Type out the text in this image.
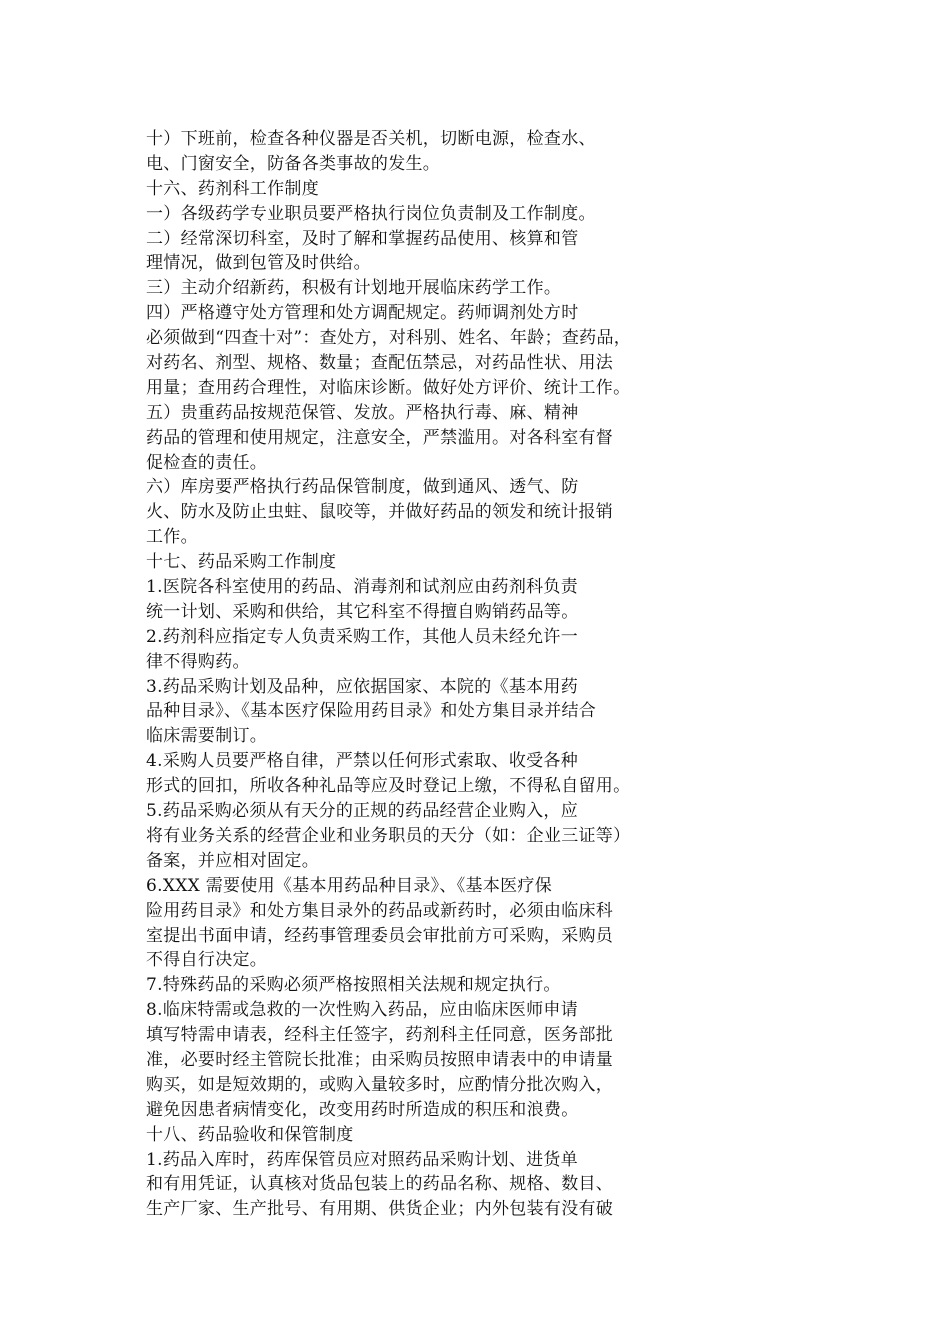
十）下班前，检查各种仪器是否关机，切断电源，检查水、
电、门窗安全，防备各类事故的发生。
十六、药剂科工作制度
一）各级药学专业职员要严格执行岗位负责制及工作制度。
二）经常深切科室，及时了解和掌握药品使用、核算和管
理情况，做到包管及时供给。
三）主动介绍新药，积极有计划地开展临床药学工作。
四）严格遵守处方管理和处方调配规定。药师调剂处方时
必须做到“四查十对”：查处方，对科别、姓名、年龄；查药品，
对药名、剂型、规格、数量；查配伍禁忌，对药品性状、用法
用量；查用药合理性，对临床诊断。做好处方评价、统计工作。
五）贵重药品按规范保管、发放。严格执行毒、麻、精神
药品的管理和使用规定，注意安全，严禁滥用。对各科室有督
促检查的责任。
六）库房要严格执行药品保管制度，做到通风、透气、防
火、防水及防止虫蛀、鼠咬等，并做好药品的领发和统计报销
工作。
十七、药品采购工作制度
1.医院各科室使用的药品、消毒剂和试剂应由药剂科负责
统一计划、采购和供给，其它科室不得擅自购销药品等。
2.药剂科应指定专人负责采购工作，其他人员未经允许一
律不得购药。
3.药品采购计划及品种，应依据国家、本院的《基本用药
品种目录》、《基本医疗保险用药目录》和处方集目录并结合
临床需要制订。
4.采购人员要严格自律，严禁以任何形式索取、收受各种
形式的回扣，所收各种礼品等应及时登记上缴，不得私自留用。
5.药品采购必须从有天分的正规的药品经营企业购入，应
将有业务关系的经营企业和业务职员的天分（如：企业三证等）
备案，并应相对固定。
6.XXX 需要使用《基本用药品种目录》、《基本医疗保
险用药目录》和处方集目录外的药品或新药时，必须由临床科
室提出书面申请，经药事管理委员会审批前方可采购，采购员
不得自行决定。
7.特殊药品的采购必须严格按照相关法规和规定执行。
8.临床特需或急救的一次性购入药品，应由临床医师申请
填写特需申请表，经科主任签字，药剂科主任同意，医务部批
准，必要时经主管院长批准；由采购员按照申请表中的申请量
购买，如是短效期的，或购入量较多时，应酌情分批次购入，
避免因患者病情变化，改变用药时所造成的积压和浪费。
十八、药品验收和保管制度
1.药品入库时，药库保管员应对照药品采购计划、进货单
和有用凭证，认真核对货品包装上的药品名称、规格、数目、
生产厂家、生产批号、有用期、供货企业；内外包装有没有破
